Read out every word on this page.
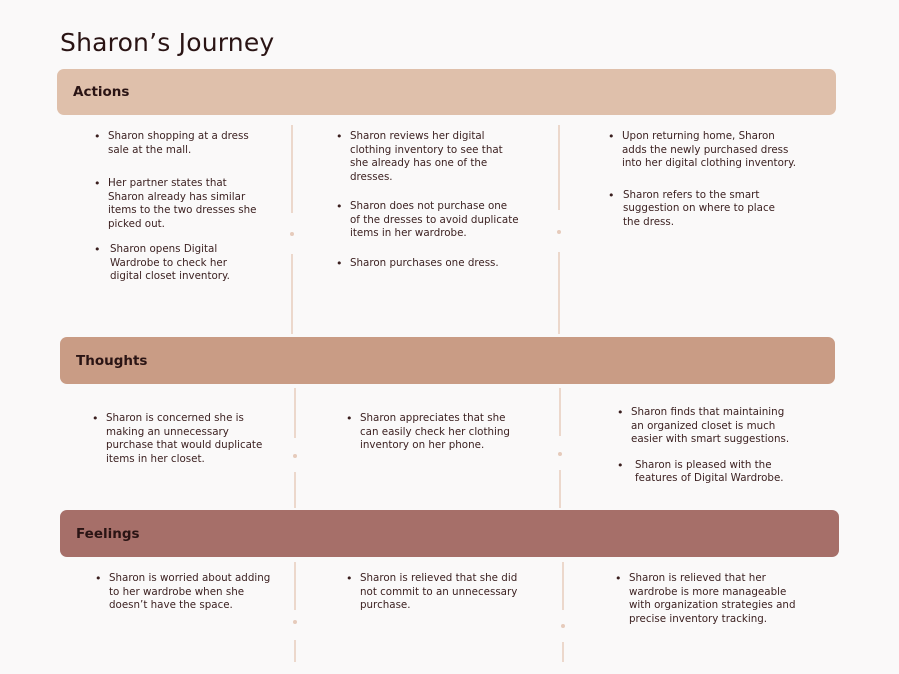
Sharon’s Journey
Actions

• Sharon shopping at a dress sale at the mall.

• Her partner states that Sharon already has similar items to the two dresses she picked out.

• Sharon opens Digital Wardrobe to check her digital closet inventory.

• Sharon reviews her digital clothing inventory to see that she already has one of the dresses.

• Sharon does not purchase one of the dresses to avoid duplicate items in her wardrobe.

• Sharon purchases one dress.

• Upon returning home, Sharon adds the newly purchased dress into her digital clothing inventory.

• Sharon refers to the smart suggestion on where to place the dress.

Thoughts

• Sharon is concerned she is making an unnecessary purchase that would duplicate items in her closet.

• Sharon appreciates that she can easily check her clothing inventory on her phone.

• Sharon finds that maintaining an organized closet is much easier with smart suggestions.

• Sharon is pleased with the features of Digital Wardrobe.

Feelings

• Sharon is worried about adding to her wardrobe when she doesn’t have the space.

• Sharon is relieved that she did not commit to an unnecessary purchase.

• Sharon is relieved that her wardrobe is more manageable with organization strategies and precise inventory tracking.
